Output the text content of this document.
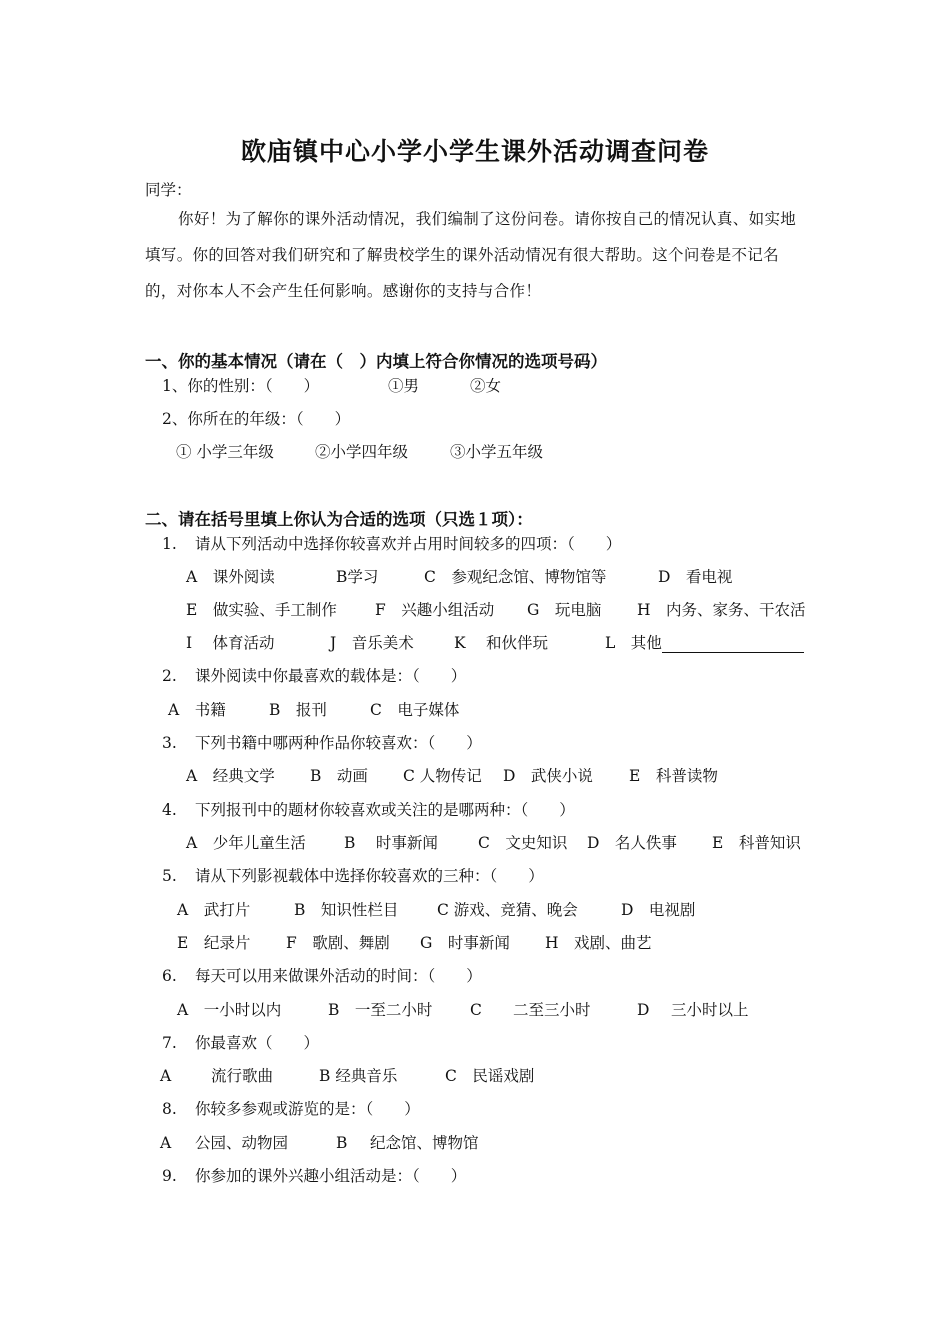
欧庙镇中心小学小学生课外活动调查问卷
同学：

你好！为了解你的课外活动情况，我们编制了这份问卷。请你按自己的情况认真、如实地填写。你的回答对我们研究和了解贵校学生的课外活动情况有很大帮助。这个问卷是不记名的，对你本人不会产生任何影响。感谢你的支持与合作！

一、你的基本情况（请在（　）内填上符合你情况的选项号码）
1、你的性别：（　　）	①男	②女
2、你所在的年级：（　　）
① 小学三年级	②小学四年级	③小学五年级
二、请在括号里填上你认为合适的选项（只选１项）：
1. 请从下列活动中选择你较喜欢并占用时间较多的四项：（　　）
A　课外阅读	B学习	C　参观纪念馆、博物馆等	D　看电视
E　做实验、手工制作 F　兴趣小组活动 G　玩电脑 H　内务、家务、干农活
I　 体育活动	J　音乐美术	K　 和伙伴玩	L　其他
2. 课外阅读中你最喜欢的载体是：（　　）
A　书籍	B　报刊	C　电子媒体
3. 下列书籍中哪两种作品你较喜欢：（　　）
A　经典文学 B　动画 C 人物传记 D　武侠小说 E　科普读物
4. 下列报刊中的题材你较喜欢或关注的是哪两种：（　　）
A　少年儿童生活 B　 时事新闻	C　文史知识 D　名人佚事 E　科普知识
5. 请从下列影视载体中选择你较喜欢的三种：（　　）
A　武打片	B　知识性栏目 C 游戏、竞猜、晚会	D　电视剧
E　纪录片 F　歌剧、舞剧 G　时事新闻 H　戏剧、曲艺
6. 每天可以用来做课外活动的时间：（　　）
A　一小时以内	B　一至二小时 C 二至三小时	D 三小时以上
7. 你最喜欢（　　）
A	流行歌曲	B 经典音乐	C　民谣戏剧
8. 你较多参观或游览的是：（　　）
A 公园、动物园	B 纪念馆、博物馆
9. 你参加的课外兴趣小组活动是：（　　）
